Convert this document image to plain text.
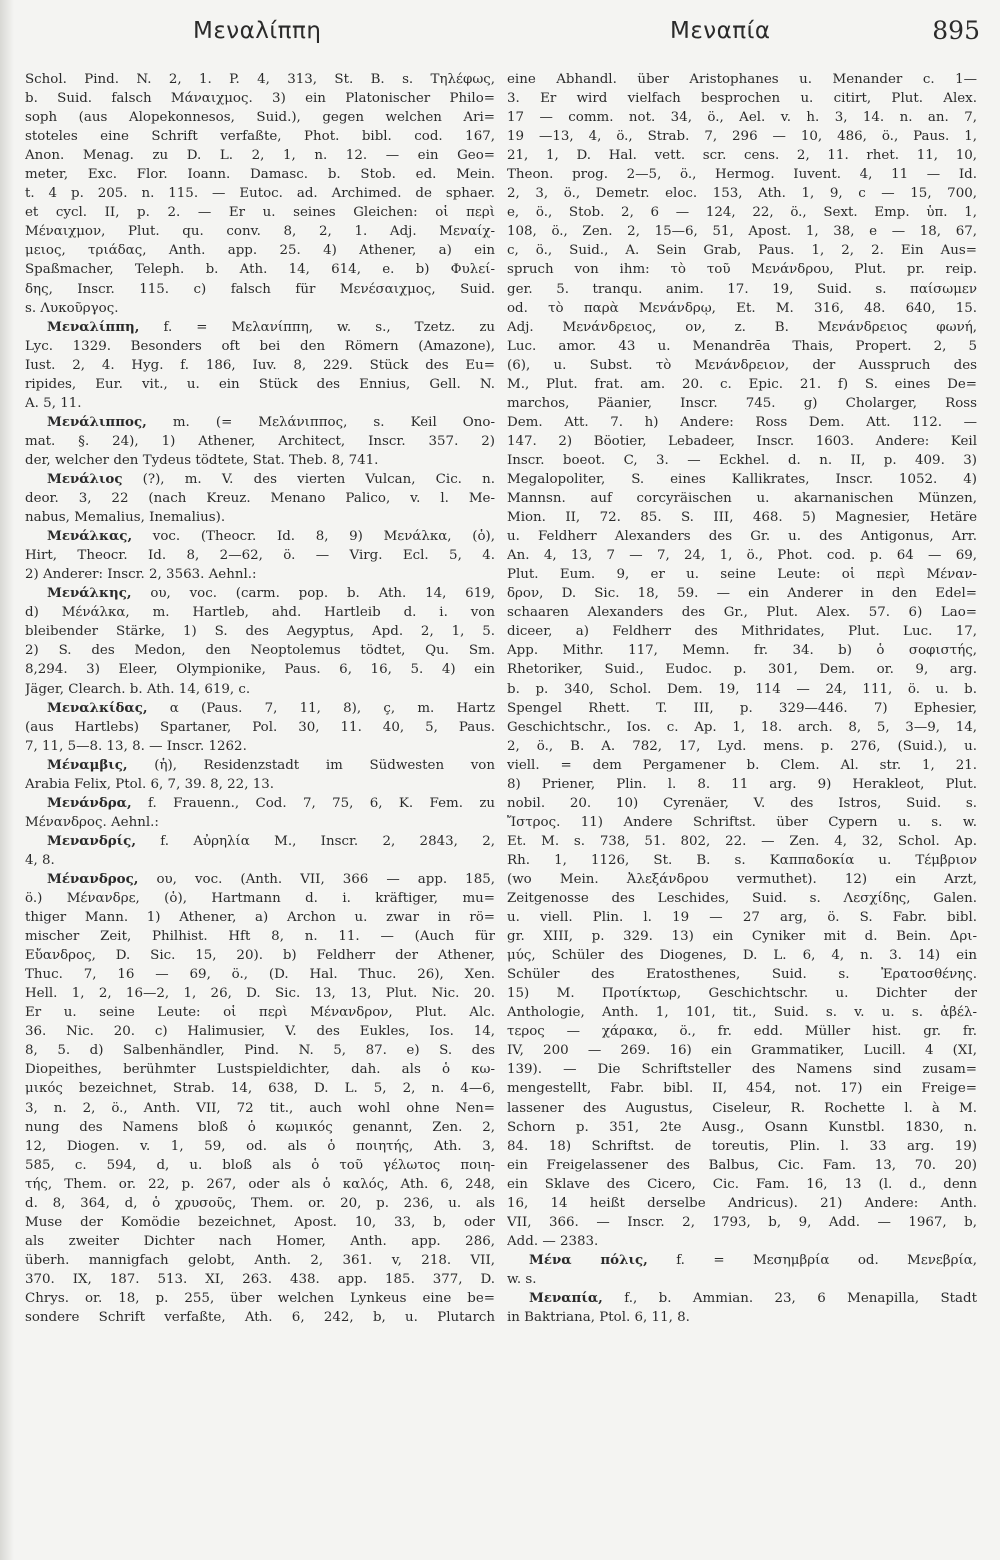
Μεναλίππη	Μεναπία	895
Schol. Pind. N. 2, 1. P. 4, 313, St. B. s. Τηλέφως,
b. Suid. falsch Μάναιχμος. 3) ein Platonischer Philo=
soph (aus Alopekonnesos, Suid.), gegen welchen Ari=
stoteles eine Schrift verfaßte, Phot. bibl. cod. 167,
Anon. Menag. zu D. L. 2, 1, n. 12. — ein Geo=
meter, Exc. Flor. Ioann. Damasc. b. Stob. ed. Mein.
t. 4 p. 205. n. 115. — Eutoc. ad. Archimed. de sphaer.
et cycl. II, p. 2. — Er u. seines Gleichen: οἱ περὶ
Μέναιχμον, Plut. qu. conv. 8, 2, 1. Adj. Μεναίχ-
μειος, τριάδας, Anth. app. 25. 4) Athener, a) ein
Spaßmacher, Teleph. b. Ath. 14, 614, e. b) Φυλεί-
δης, Inscr. 115. c) falsch für Μενέσαιχμος, Suid.
s. Λυκοῦργος.
Μεναλίππη, f. = Μελανίππη, w. s., Tzetz. zu
Lyc. 1329. Besonders oft bei den Römern (Amazone),
Iust. 2, 4. Hyg. f. 186, Iuv. 8, 229. Stück des Eu=
ripides, Eur. vit., u. ein Stück des Ennius, Gell. N.
A. 5, 11.
Μενάλιππος, m. (= Μελάνιππος, s. Keil Ono-
mat. §. 24), 1) Athener, Architect, Inscr. 357. 2)
der, welcher den Tydeus tödtete, Stat. Theb. 8, 741.
Μενάλιος (?), m. V. des vierten Vulcan, Cic. n.
deor. 3, 22 (nach Kreuz. Menano Palico, v. l. Me-
nabus, Memalius, Inemalius).
Μενάλκας, voc. (Theocr. Id. 8, 9) Μενάλκα, (ὁ),
Hirt, Theocr. Id. 8, 2—62, ö. — Virg. Ecl. 5, 4.
2) Anderer: Inscr. 2, 3563. Aehnl.:
Μενάλκης, ου, voc. (carm. pop. b. Ath. 14, 619,
d) Μένάλκα, m. Hartleb, ahd. Hartleib d. i. von
bleibender Stärke, 1) S. des Aegyptus, Apd. 2, 1, 5.
2) S. des Medon, den Neoptolemus tödtet, Qu. Sm.
8,294. 3) Eleer, Olympionike, Paus. 6, 16, 5. 4) ein
Jäger, Clearch. b. Ath. 14, 619, c.
Μεναλκίδας, α (Paus. 7, 11, 8), ç, m. Hartz
(aus Hartlebs) Spartaner, Pol. 30, 11. 40, 5, Paus.
7, 11, 5—8. 13, 8. — Inscr. 1262.
Μέναμβις, (ἡ), Residenzstadt im Südwesten von
Arabia Felix, Ptol. 6, 7, 39. 8, 22, 13.
Μενάνδρα, f. Frauenn., Cod. 7, 75, 6, K. Fem. zu
Μένανδρος. Aehnl.:
Μενανδρίς, f. Αὐρηλία Μ., Inscr. 2, 2843, 2,
4, 8.
Μένανδρος, ου, voc. (Anth. VII, 366 — app. 185,
ö.) Μένανδρε, (ὁ), Hartmann d. i. kräftiger, mu=
thiger Mann. 1) Athener, a) Archon u. zwar in rö=
mischer Zeit, Philhist. Hft 8, n. 11. — (Auch für
Εὔανδρος, D. Sic. 15, 20). b) Feldherr der Athener,
Thuc. 7, 16 — 69, ö., (D. Hal. Thuc. 26), Xen.
Hell. 1, 2, 16—2, 1, 26, D. Sic. 13, 13, Plut. Nic. 20.
Er u. seine Leute: οἱ περὶ Μένανδρον, Plut. Alc.
36. Nic. 20. c) Halimusier, V. des Eukles, Ios. 14,
8, 5. d) Salbenhändler, Pind. N. 5, 87. e) S. des
Diopeithes, berühmter Lustspieldichter, dah. als ὁ κω-
μικός bezeichnet, Strab. 14, 638, D. L. 5, 2, n. 4—6,
3, n. 2, ö., Anth. VII, 72 tit., auch wohl ohne Nen=
nung des Namens bloß ὁ κωμικός genannt, Zen. 2,
12, Diogen. v. 1, 59, od. als ὁ ποιητής, Ath. 3,
585, c. 594, d, u. bloß als ὁ τοῦ γέλωτος ποιη-
τής, Them. or. 22, p. 267, oder als ὁ καλός, Ath. 6, 248,
d. 8, 364, d, ὁ χρυσοῦς, Them. or. 20, p. 236, u. als
Muse der Komödie bezeichnet, Apost. 10, 33, b, oder
als zweiter Dichter nach Homer, Anth. app. 286,
überh. mannigfach gelobt, Anth. 2, 361. v, 218. VII,
370. IX, 187. 513. XI, 263. 438. app. 185. 377, D.
Chrys. or. 18, p. 255, über welchen Lynkeus eine be=
sondere Schrift verfaßte, Ath. 6, 242, b, u. Plutarch
eine Abhandl. über Aristophanes u. Menander c. 1—
3. Er wird vielfach besprochen u. citirt, Plut. Alex.
17 — comm. not. 34, ö., Ael. v. h. 3, 14. n. an. 7,
19 —13, 4, ö., Strab. 7, 296 — 10, 486, ö., Paus. 1,
21, 1, D. Hal. vett. scr. cens. 2, 11. rhet. 11, 10,
Theon. prog. 2—5, ö., Hermog. Iuvent. 4, 11 — Id.
2, 3, ö., Demetr. eloc. 153, Ath. 1, 9, c — 15, 700,
e, ö., Stob. 2, 6 — 124, 22, ö., Sext. Emp. ὑπ. 1,
108, ö., Zen. 2, 15—6, 51, Apost. 1, 38, e — 18, 67,
c, ö., Suid., A. Sein Grab, Paus. 1, 2, 2. Ein Aus=
spruch von ihm: τὸ τοῦ Μενάνδρου, Plut. pr. reip.
ger. 5. tranqu. anim. 17. 19, Suid. s. παίσωμεν
od. τὸ παρὰ Μενάνδρῳ, Et. M. 316, 48. 640, 15.
Adj. Μενάνδρειος, ον, z. B. Μενάνδρειος φωνή,
Luc. amor. 43 u. Menandrēa Thais, Propert. 2, 5
(6), u. Subst. τὸ Μενάνδρειον, der Ausspruch des
M., Plut. frat. am. 20. c. Epic. 21. f) S. eines De=
marchos, Päanier, Inscr. 745. g) Cholarger, Ross
Dem. Att. 7. h) Andere: Ross Dem. Att. 112. —
147. 2) Böotier, Lebadeer, Inscr. 1603. Andere: Keil
Inscr. boeot. C, 3. — Eckhel. d. n. II, p. 409. 3)
Megalopoliter, S. eines Kallikrates, Inscr. 1052. 4)
Mannsn. auf corcyräischen u. akarnanischen Münzen,
Mion. II, 72. 85. S. III, 468. 5) Magnesier, Hetäre
u. Feldherr Alexanders des Gr. u. des Antigonus, Arr.
An. 4, 13, 7 — 7, 24, 1, ö., Phot. cod. p. 64 — 69,
Plut. Eum. 9, er u. seine Leute: οἱ περὶ Μέναν-
δρον, D. Sic. 18, 59. — ein Anderer in den Edel=
schaaren Alexanders des Gr., Plut. Alex. 57. 6) Lao=
diceer, a) Feldherr des Mithridates, Plut. Luc. 17,
App. Mithr. 117, Memn. fr. 34. b) ὁ σοφιστής,
Rhetoriker, Suid., Eudoc. p. 301, Dem. or. 9, arg.
b. p. 340, Schol. Dem. 19, 114 — 24, 111, ö. u. b.
Spengel Rhett. T. III, p. 329—446. 7) Ephesier,
Geschichtschr., Ios. c. Ap. 1, 18. arch. 8, 5, 3—9, 14,
2, ö., B. A. 782, 17, Lyd. mens. p. 276, (Suid.), u.
viell. = dem Pergamener b. Clem. Al. str. 1, 21.
8) Priener, Plin. l. 8. 11 arg. 9) Herakleot, Plut.
nobil. 20. 10) Cyrenäer, V. des Istros, Suid. s.
Ἴστρος. 11) Andere Schriftst. über Cypern u. s. w.
Et. M. s. 738, 51. 802, 22. — Zen. 4, 32, Schol. Ap.
Rh. 1, 1126, St. B. s. Καππαδοκία u. Τέμβριον
(wo Mein. Ἀλεξάνδρου vermuthet). 12) ein Arzt,
Zeitgenosse des Leschides, Suid. s. Λεσχίδης, Galen.
u. viell. Plin. l. 19 — 27 arg, ö. S. Fabr. bibl.
gr. XIII, p. 329. 13) ein Cyniker mit d. Bein. Δρι-
μύς, Schüler des Diogenes, D. L. 6, 4, n. 3. 14) ein
Schüler des Eratosthenes, Suid. s. Ἐρατοσθένης.
15) M. Προτίκτωρ, Geschichtschr. u. Dichter der
Anthologie, Anth. 1, 101, tit., Suid. s. v. u. s. ἀβέλ-
τερος — χάρακα, ö., fr. edd. Müller hist. gr. fr.
IV, 200 — 269. 16) ein Grammatiker, Lucill. 4 (XI,
139). — Die Schriftsteller des Namens sind zusam=
mengestellt, Fabr. bibl. II, 454, not. 17) ein Freige=
lassener des Augustus, Ciseleur, R. Rochette l. à M.
Schorn p. 351, 2te Ausg., Osann Kunstbl. 1830, n.
84. 18) Schriftst. de toreutis, Plin. l. 33 arg. 19)
ein Freigelassener des Balbus, Cic. Fam. 13, 70. 20)
ein Sklave des Cicero, Cic. Fam. 16, 13 (l. d., denn
16, 14 heißt derselbe Andricus). 21) Andere: Anth.
VII, 366. — Inscr. 2, 1793, b, 9, Add. — 1967, b,
Add. — 2383.
Μένα πόλις, f. = Μεσημβρία od. Μενεβρία,
w. s.
Μεναπία, f., b. Ammian. 23, 6 Menapilla, Stadt
in Baktriana, Ptol. 6, 11, 8.
